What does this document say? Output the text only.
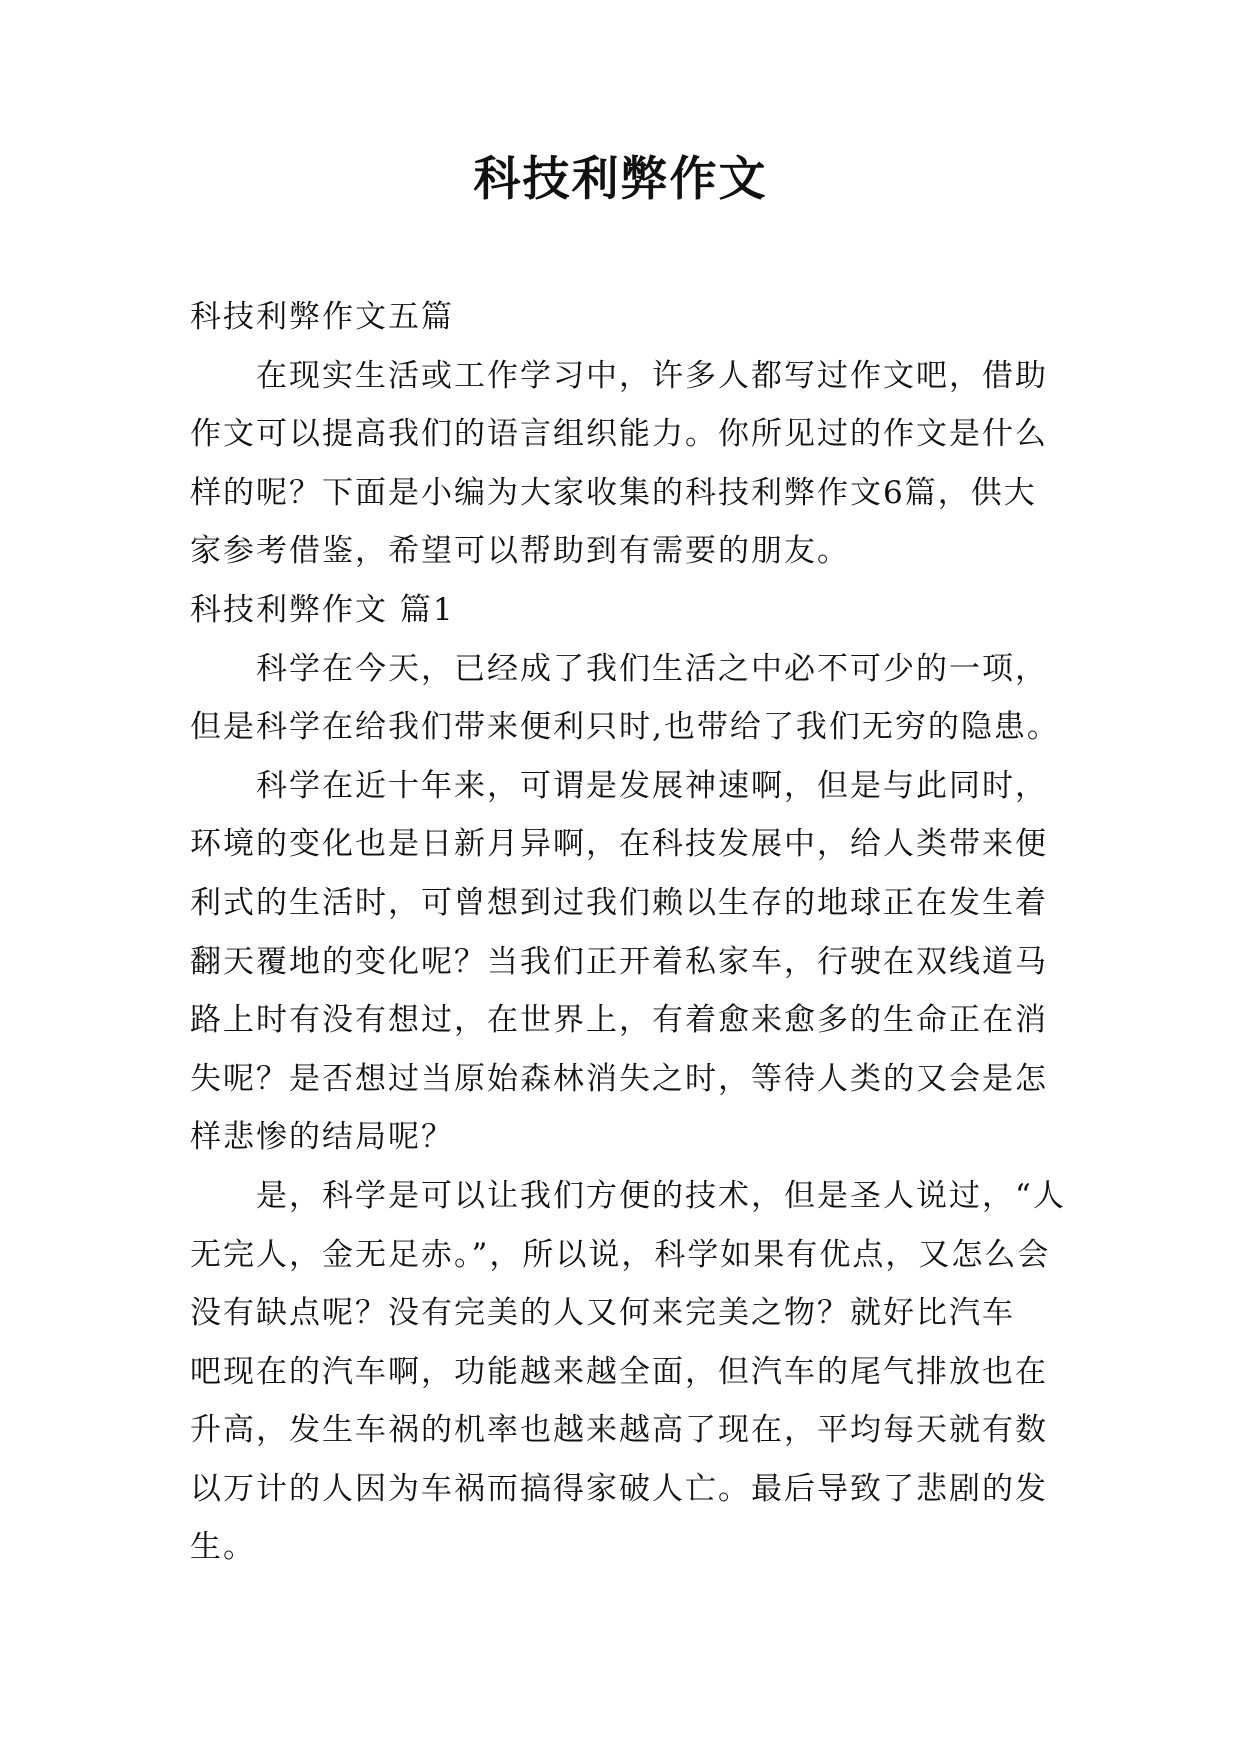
科技利弊作文
科技利弊作文五篇
在现实生活或工作学习中，许多人都写过作文吧，借助
作文可以提高我们的语言组织能力。你所见过的作文是什么
样的呢？下面是小编为大家收集的科技利弊作文6篇，供大
家参考借鉴，希望可以帮助到有需要的朋友。
科技利弊作文 篇1
科学在今天，已经成了我们生活之中必不可少的一项，
但是科学在给我们带来便利只时,也带给了我们无穷的隐患。
科学在近十年来，可谓是发展神速啊，但是与此同时，
环境的变化也是日新月异啊，在科技发展中，给人类带来便
利式的生活时，可曾想到过我们赖以生存的地球正在发生着
翻天覆地的变化呢？当我们正开着私家车，行驶在双线道马
路上时有没有想过，在世界上，有着愈来愈多的生命正在消
失呢？是否想过当原始森林消失之时，等待人类的又会是怎
样悲惨的结局呢？
是，科学是可以让我们方便的技术，但是圣人说过，“人
无完人，金无足赤。”，所以说，科学如果有优点，又怎么会
没有缺点呢？没有完美的人又何来完美之物？就好比汽车
吧现在的汽车啊，功能越来越全面，但汽车的尾气排放也在
升高，发生车祸的机率也越来越高了现在，平均每天就有数
以万计的人因为车祸而搞得家破人亡。最后导致了悲剧的发
生。
